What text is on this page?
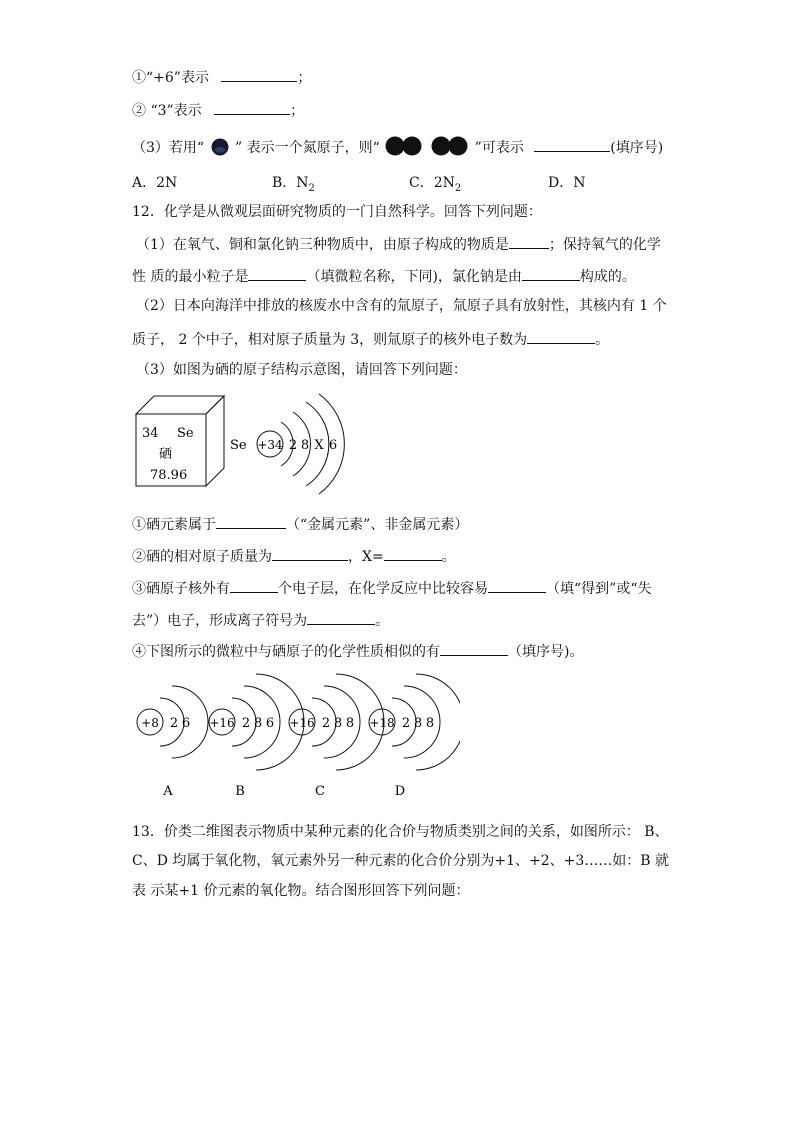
①“+6”表示	；
② “3”表示	；
（3）若用“ ” 表示一个氮原子，则“	”可表示	(填序号)
A．2N	B．$N_2$	C．$2N_2$	D．N
12．化学是从微观层面研究物质的一门自然科学。回答下列问题：
（1）在氧气、铜和氯化钠三种物质中，由原子构成的物质是	；保持氧气的化学
性 质的最小粒子是	（填微粒名称，下同)，氯化钠是由	构成的。
（2）日本向海洋中排放的核废水中含有的氚原子，氚原子具有放射性，其核内有 1 个
质子， 2 个中子，相对原子质量为 3，则氚原子的核外电子数为	。
（3）如图为硒的原子结构示意图，请回答下列问题：
34 Se
硒
78.96
Se +34 2 8 X 6
①硒元素属于	（“金属元素”、非金属元素）
②硒的相对原子质量为	，X=	。
③硒原子核外有	个电子层，在化学反应中比较容易	（填“得到”或“失
去”）电子，形成离子符号为	。
④下图所示的微粒中与硒原子的化学性质相似的有	（填序号)。
+8 2 6
A
+16 2 8 6
B
+16 2 8 8
C
+18 2 8 8
D
13．价类二维图表示物质中某种元素的化合价与物质类别之间的关系，如图所示： B、
C、D 均属于氧化物，氧元素外另一种元素的化合价分别为+1、+2、+3……如：B 就
表 示某+1 价元素的氧化物。结合图形回答下列问题：
